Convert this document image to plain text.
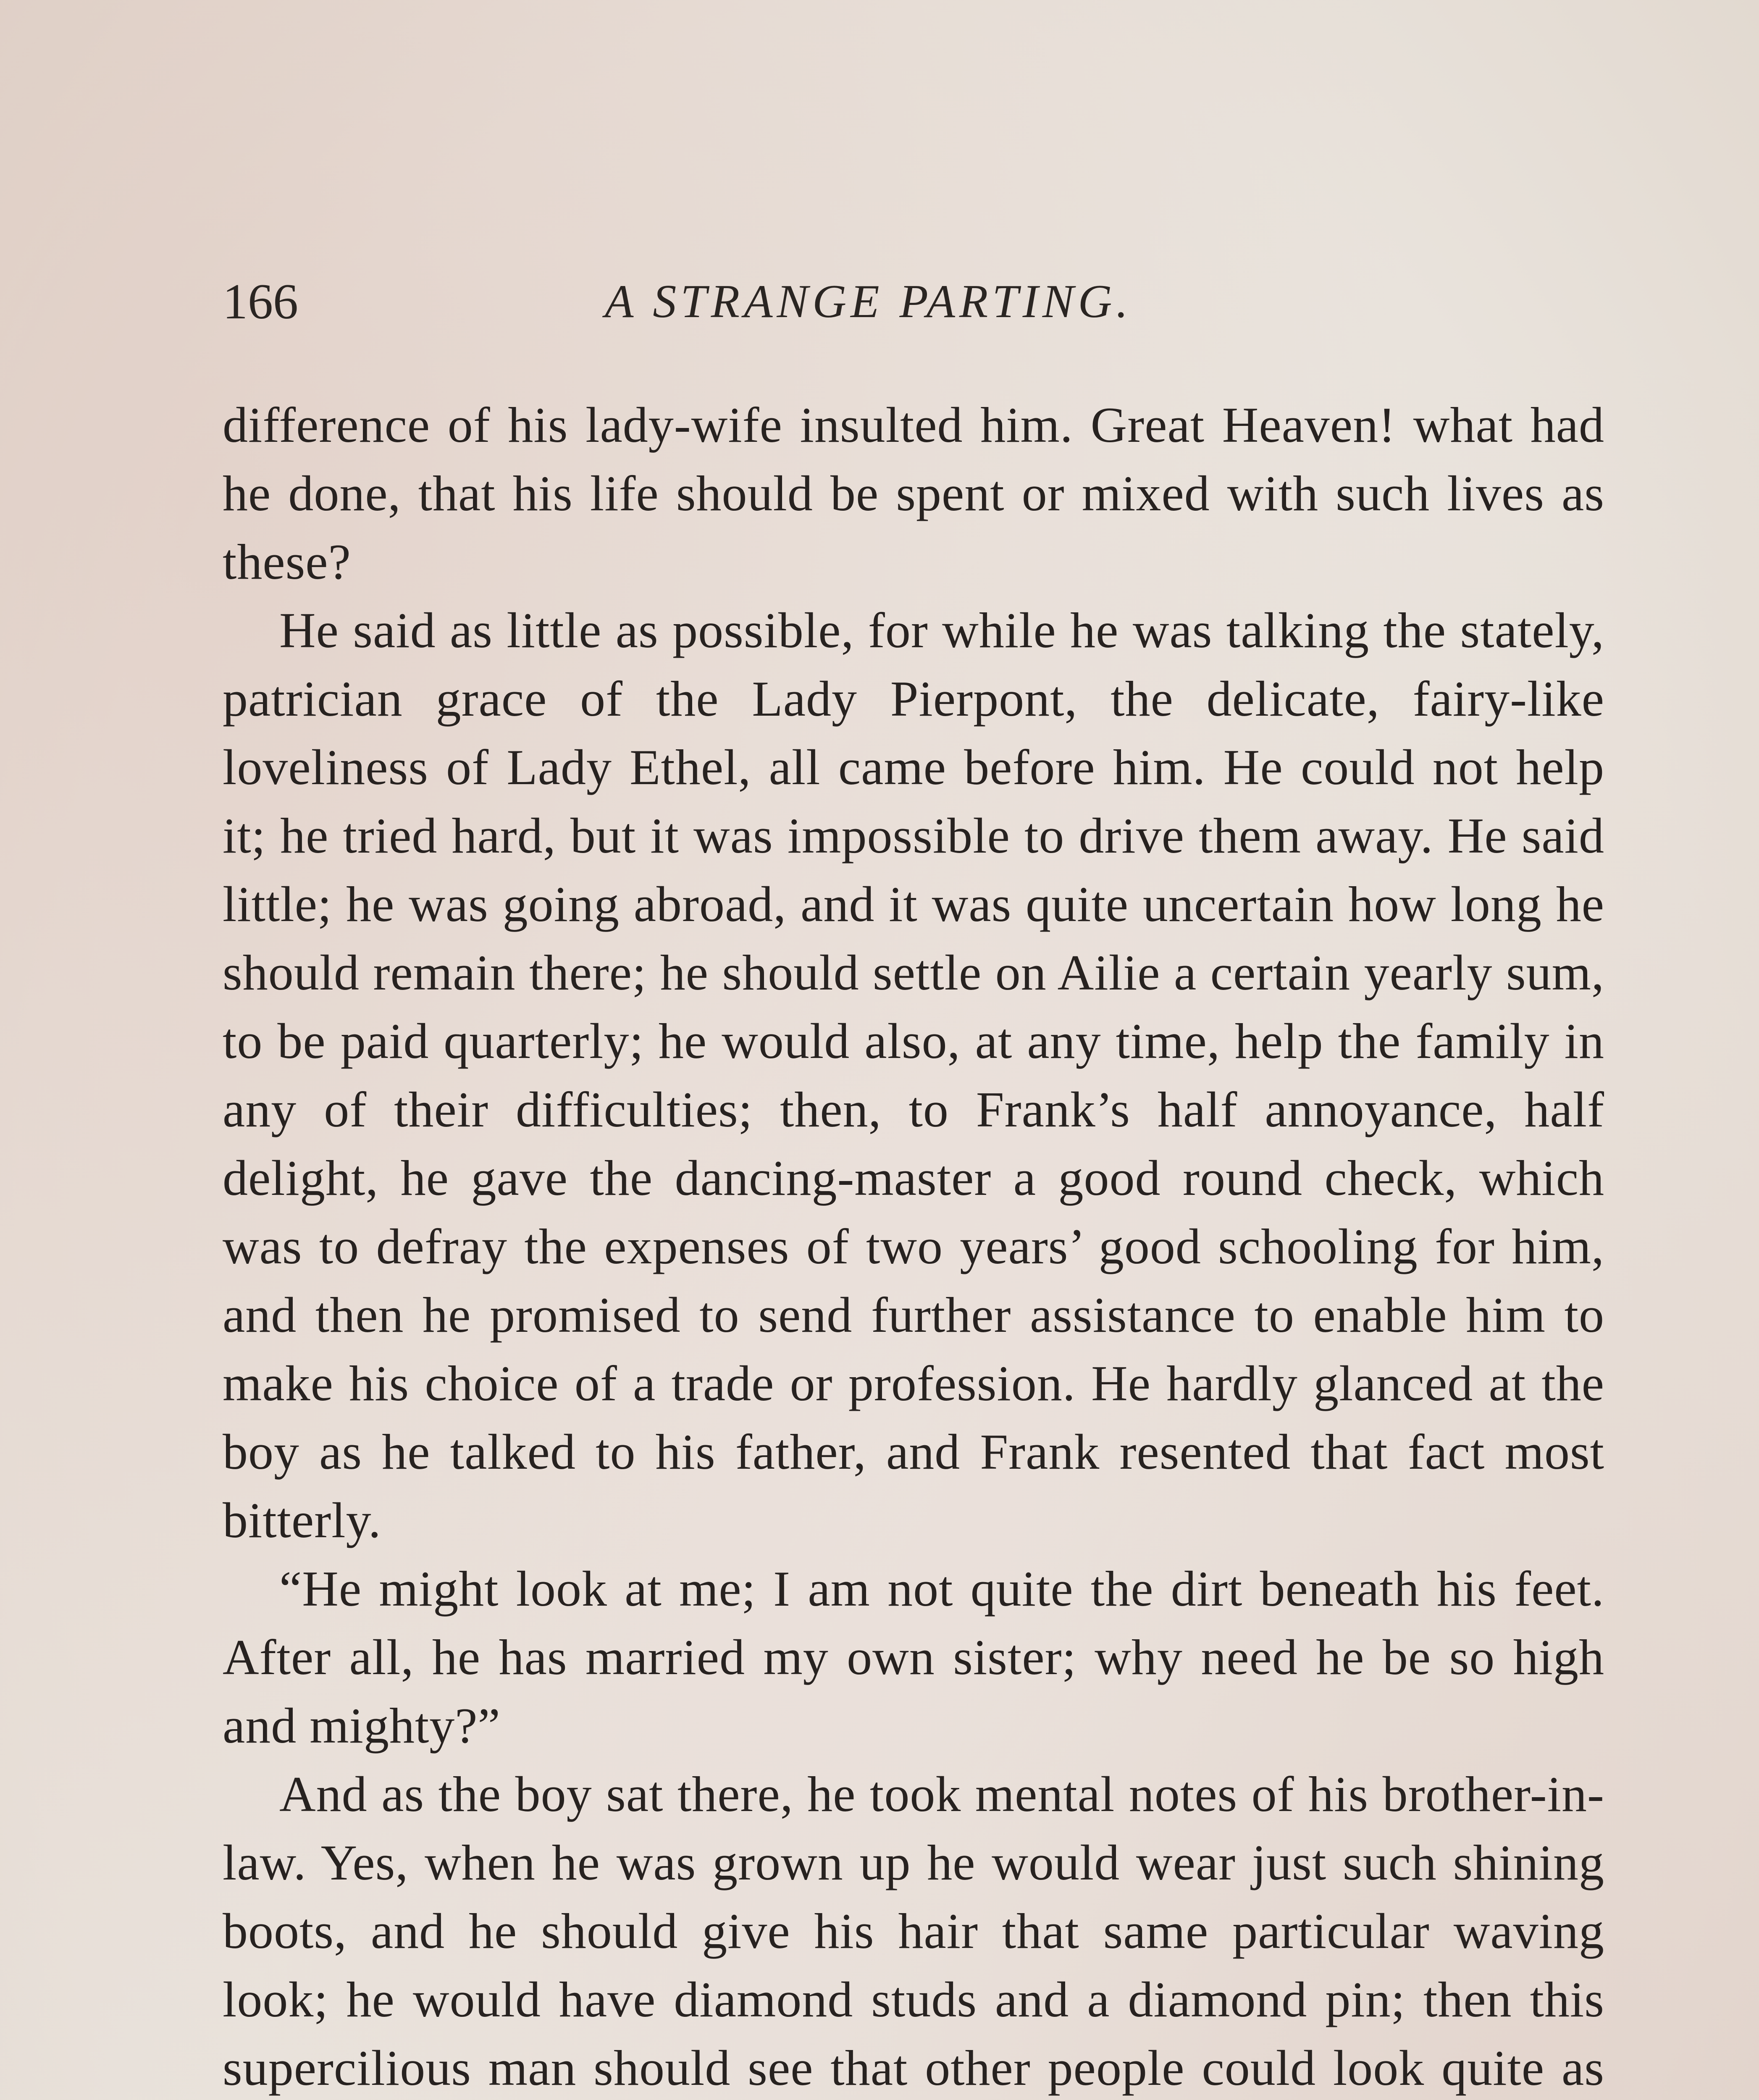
166	A STRANGE PARTING.

difference of his lady-wife insulted him. Great Heaven! what had he done, that his life should be spent or mixed with such lives as these?

He said as little as possible, for while he was talking the stately, patrician grace of the Lady Pierpont, the delicate, fairy-like loveliness of Lady Ethel, all came before him. He could not help it; he tried hard, but it was impossible to drive them away. He said little; he was going abroad, and it was quite uncertain how long he should remain there; he should settle on Ailie a certain yearly sum, to be paid quarterly; he would also, at any time, help the family in any of their difficulties; then, to Frank’s half annoyance, half delight, he gave the dancing-master a good round check, which was to defray the expenses of two years’ good schooling for him, and then he promised to send further assistance to enable him to make his choice of a trade or profession. He hardly glanced at the boy as he talked to his father, and Frank resented that fact most bitterly.

“He might look at me; I am not quite the dirt beneath his feet. After all, he has married my own sister; why need he be so high and mighty?”

And as the boy sat there, he took mental notes of his brother-in-law. Yes, when he was grown up he would wear just such shining boots, and he should give his hair that same particular waving look; he would have diamond studs and a diamond pin; then this supercilious man should see that other people could look quite as
